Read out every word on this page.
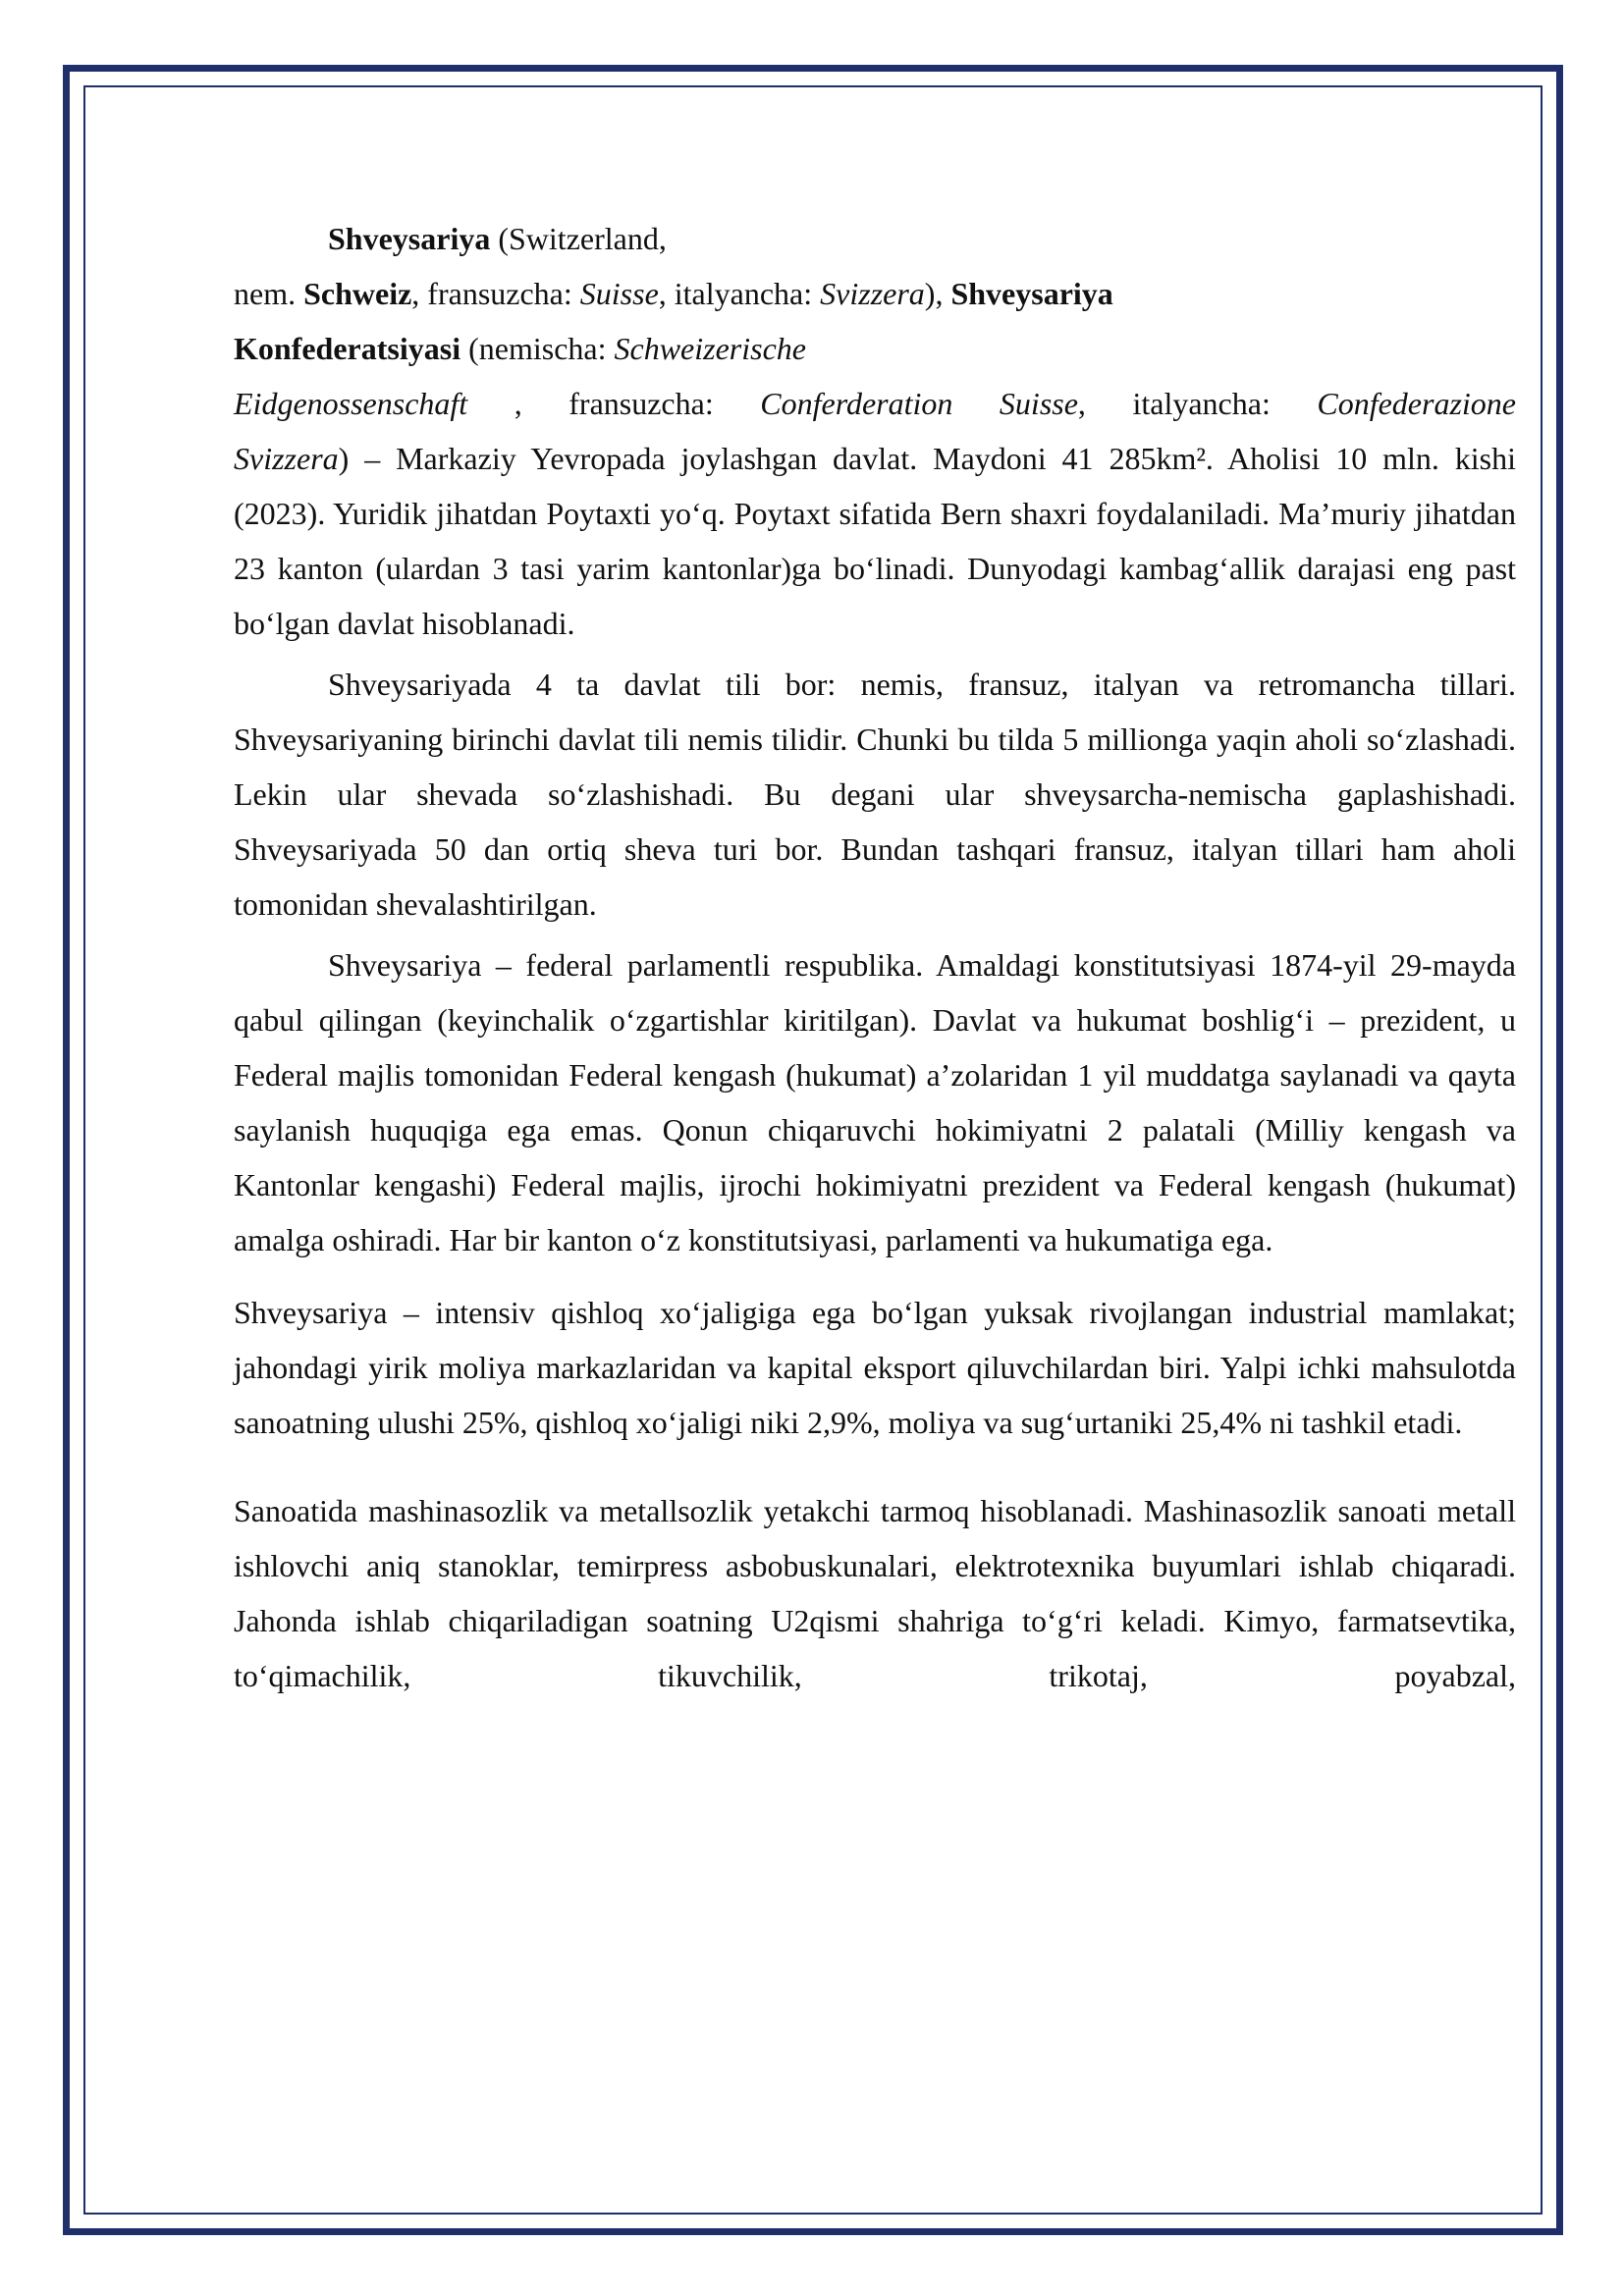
Shveysariya (Switzerland,
nem. Schweiz, fransuzcha: Suisse, italyancha: Svizzera), Shveysariya
Konfederatsiyasi (nemischa: Schweizerische
Eidgenossenschaft , fransuzcha: Conferderation Suisse, italyancha: Confederazione
Svizzera) – Markaziy Yevropada joylashgan davlat. Maydoni 41 285km². Aholisi 10 mln. kishi (2023). Yuridik jihatdan Poytaxti yo‘q. Poytaxt sifatida Bern shaxri foydalaniladi. Ma’muriy jihatdan 23 kanton (ulardan 3 tasi yarim kantonlar)ga bo‘linadi. Dunyodagi kambag‘allik darajasi eng past bo‘lgan davlat hisoblanadi.

Shveysariyada 4 ta davlat tili bor: nemis, fransuz, italyan va retromancha tillari. Shveysariyaning birinchi davlat tili nemis tilidir. Chunki bu tilda 5 millionga yaqin aholi so‘zlashadi. Lekin ular shevada so‘zlashishadi. Bu degani ular shveysarcha-nemischa gaplashishadi. Shveysariyada 50 dan ortiq sheva turi bor. Bundan tashqari fransuz, italyan tillari ham aholi tomonidan shevalashtirilgan.

Shveysariya – federal parlamentli respublika. Amaldagi konstitutsiyasi 1874-yil 29-mayda qabul qilingan (keyinchalik o‘zgartishlar kiritilgan). Davlat va hukumat boshlig‘i – prezident, u Federal majlis tomonidan Federal kengash (hukumat) a’zolaridan 1 yil muddatga saylanadi va qayta saylanish huquqiga ega emas. Qonun chiqaruvchi hokimiyatni 2 palatali (Milliy kengash va Kantonlar kengashi) Federal majlis, ijrochi hokimiyatni prezident va Federal kengash (hukumat) amalga oshiradi. Har bir kanton o‘z konstitutsiyasi, parlamenti va hukumatiga ega.

Shveysariya – intensiv qishloq xo‘jaligiga ega bo‘lgan yuksak rivojlangan industrial mamlakat; jahondagi yirik moliya markazlaridan va kapital eksport qiluvchilardan biri. Yalpi ichki mahsulotda sanoatning ulushi 25%, qishloq xo‘jaligi niki 2,9%, moliya va sug‘urtaniki 25,4% ni tashkil etadi.

Sanoatida mashinasozlik va metallsozlik yetakchi tarmoq hisoblanadi. Mashinasozlik sanoati metall ishlovchi aniq stanoklar, temirpress asbobuskunalari, elektrotexnika buyumlari ishlab chiqaradi. Jahonda ishlab chiqariladigan soatning U2qismi shahriga to‘g‘ri keladi. Kimyo, farmatsevtika, to‘qimachilik, tikuvchilik, trikotaj, poyabzal,
